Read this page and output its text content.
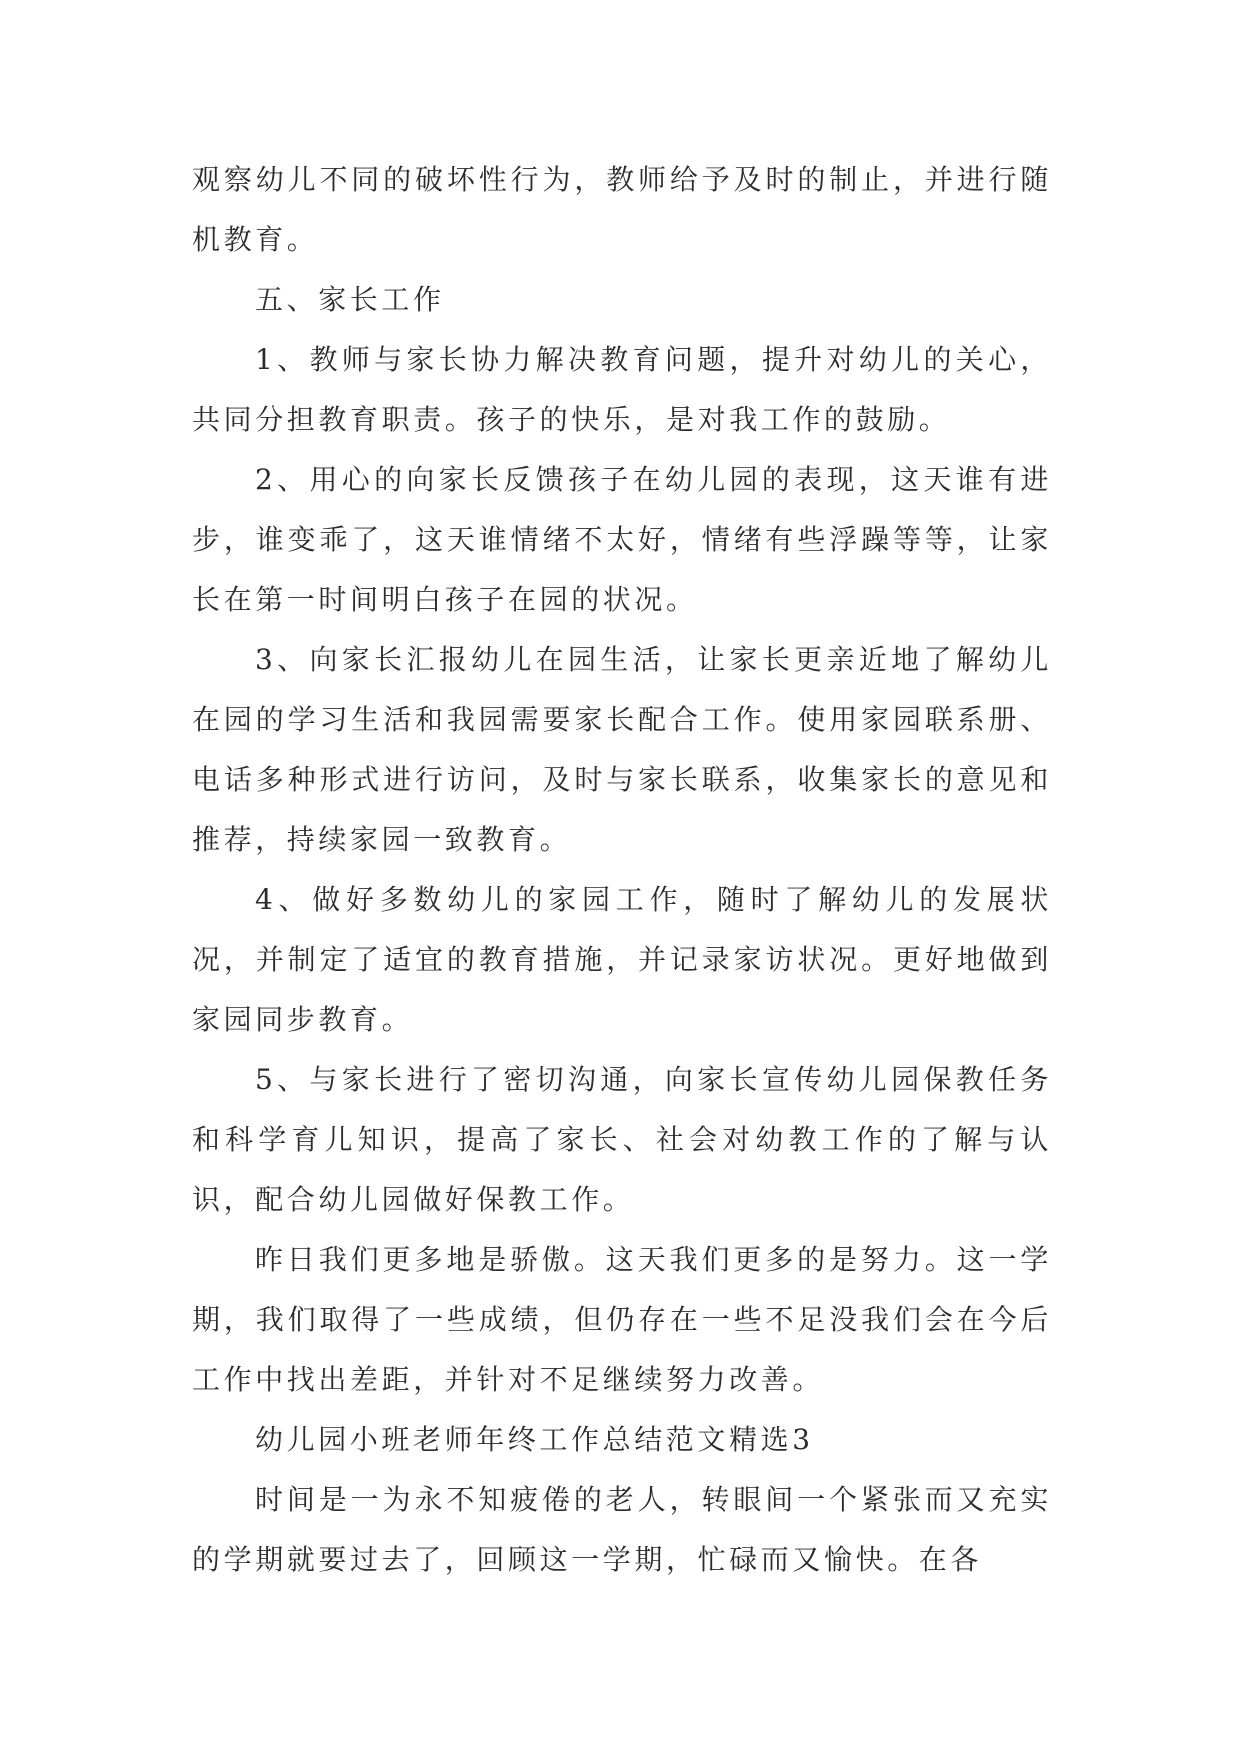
观察幼儿不同的破坏性行为，教师给予及时的制止，并进行随机教育。

五、家长工作

1、教师与家长协力解决教育问题，提升对幼儿的关心，共同分担教育职责。孩子的快乐，是对我工作的鼓励。

2、用心的向家长反馈孩子在幼儿园的表现，这天谁有进步，谁变乖了，这天谁情绪不太好，情绪有些浮躁等等，让家长在第一时间明白孩子在园的状况。

3、向家长汇报幼儿在园生活，让家长更亲近地了解幼儿在园的学习生活和我园需要家长配合工作。使用家园联系册、电话多种形式进行访问，及时与家长联系，收集家长的意见和推荐，持续家园一致教育。

4、做好多数幼儿的家园工作，随时了解幼儿的发展状况，并制定了适宜的教育措施，并记录家访状况。更好地做到家园同步教育。

5、与家长进行了密切沟通，向家长宣传幼儿园保教任务和科学育儿知识，提高了家长、社会对幼教工作的了解与认识，配合幼儿园做好保教工作。

昨日我们更多地是骄傲。这天我们更多的是努力。这一学期，我们取得了一些成绩，但仍存在一些不足没我们会在今后工作中找出差距，并针对不足继续努力改善。

幼儿园小班老师年终工作总结范文精选3

时间是一为永不知疲倦的老人，转眼间一个紧张而又充实的学期就要过去了，回顾这一学期，忙碌而又愉快。在各
